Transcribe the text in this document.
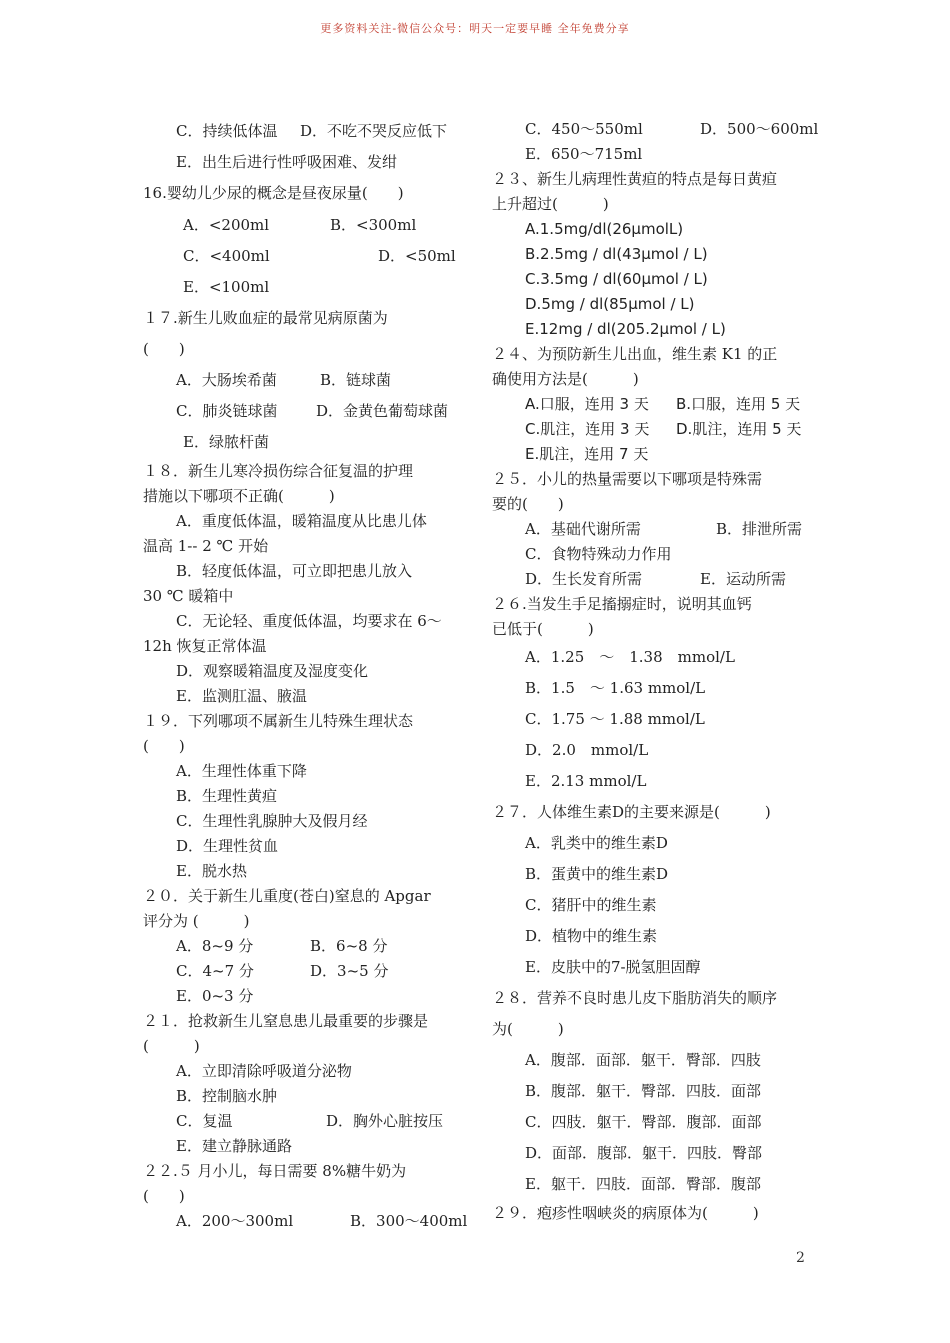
更多资料关注-微信公众号：明天一定要早睡 全年免费分享
C．持续低体温 D．不吃不哭反应低下
E．出生后进行性呼吸困难、发绀
16.婴幼儿少尿的概念是昼夜尿量(　　)
A．<200ml	B．<300ml
C．<400ml	D．<50ml
E．<100ml
１７.新生儿败血症的最常见病原菌为
(　　)
A．大肠埃希菌	B．链球菌
C．肺炎链球菌	D．金黄色葡萄球菌
E．绿脓杆菌
１８．新生儿寒冷损伤综合征复温的护理
措施以下哪项不正确(　　　)
A．重度低体温，暖箱温度从比患儿体
温高 1-- 2 ℃ 开始
B．轻度低体温，可立即把患儿放入
30 ℃ 暖箱中
C．无论轻、重度低体温，均要求在 6～
12h 恢复正常体温
D．观察暖箱温度及湿度变化
E．监测肛温、腋温
１９．下列哪项不属新生儿特殊生理状态
(　　)
A．生理性体重下降
B．生理性黄疸
C．生理性乳腺肿大及假月经
D．生理性贫血
E．脱水热
２０．关于新生儿重度(苍白)窒息的 Apgar
评分为 (　　　)
A．8~9 分	B．6~8 分
C．4~7 分	D．3~5 分
E．0~3 分
２１．抢救新生儿窒息患儿最重要的步骤是
(　　　)
A．立即清除呼吸道分泌物
B．控制脑水肿
C．复温	D．胸外心脏按压
E．建立静脉通路
２２.５ 月小儿，每日需要 8%糖牛奶为
(　　)
A．200～300ml	B．300～400ml
C．450～550ml	D．500～600ml
E．650～715ml
２３、新生儿病理性黄疸的特点是每日黄疸
上升超过(　　　)
A.1.5mg/dl(26μmolL)
B.2.5mg / dl(43μmol / L)
C.3.5mg / dl(60μmol / L)
D.5mg / dl(85μmol / L)
E.12mg / dl(205.2μmol / L)
２４、为预防新生儿出血，维生素 K1 的正
确使用方法是(　　　)
A.口服，连用 3 天 B.口服，连用 5 天
C.肌注，连用 3 天 D.肌注，连用 5 天
E.肌注，连用 7 天
２５．小儿的热量需要以下哪项是特殊需
要的(　　)
A．基础代谢所需	B．排泄所需
C．食物特殊动力作用
D．生长发育所需	E．运动所需
２６.当发生手足搐搦症时，说明其血钙
已低于(　　　)
A．1.25　～　1.38　mmol/L
B．1.5　～ 1.63 mmol/L
C．1.75 ～ 1.88 mmol/L
D．2.0　mmol/L
E．2.13 mmol/L
２７．人体维生素D的主要来源是(　　　)
A．乳类中的维生素D
B．蛋黄中的维生素D
C．猪肝中的维生素
D．植物中的维生素
E．皮肤中的7-脱氢胆固醇
２８．营养不良时患儿皮下脂肪消失的顺序
为(　　　)
A．腹部．面部．躯干．臀部．四肢
B．腹部．躯干．臀部．四肢．面部
C．四肢．躯干．臀部．腹部．面部
D．面部．腹部．躯干．四肢．臀部
E．躯干．四肢．面部．臀部．腹部
２９．疱疹性咽峡炎的病原体为(　　　)
2
